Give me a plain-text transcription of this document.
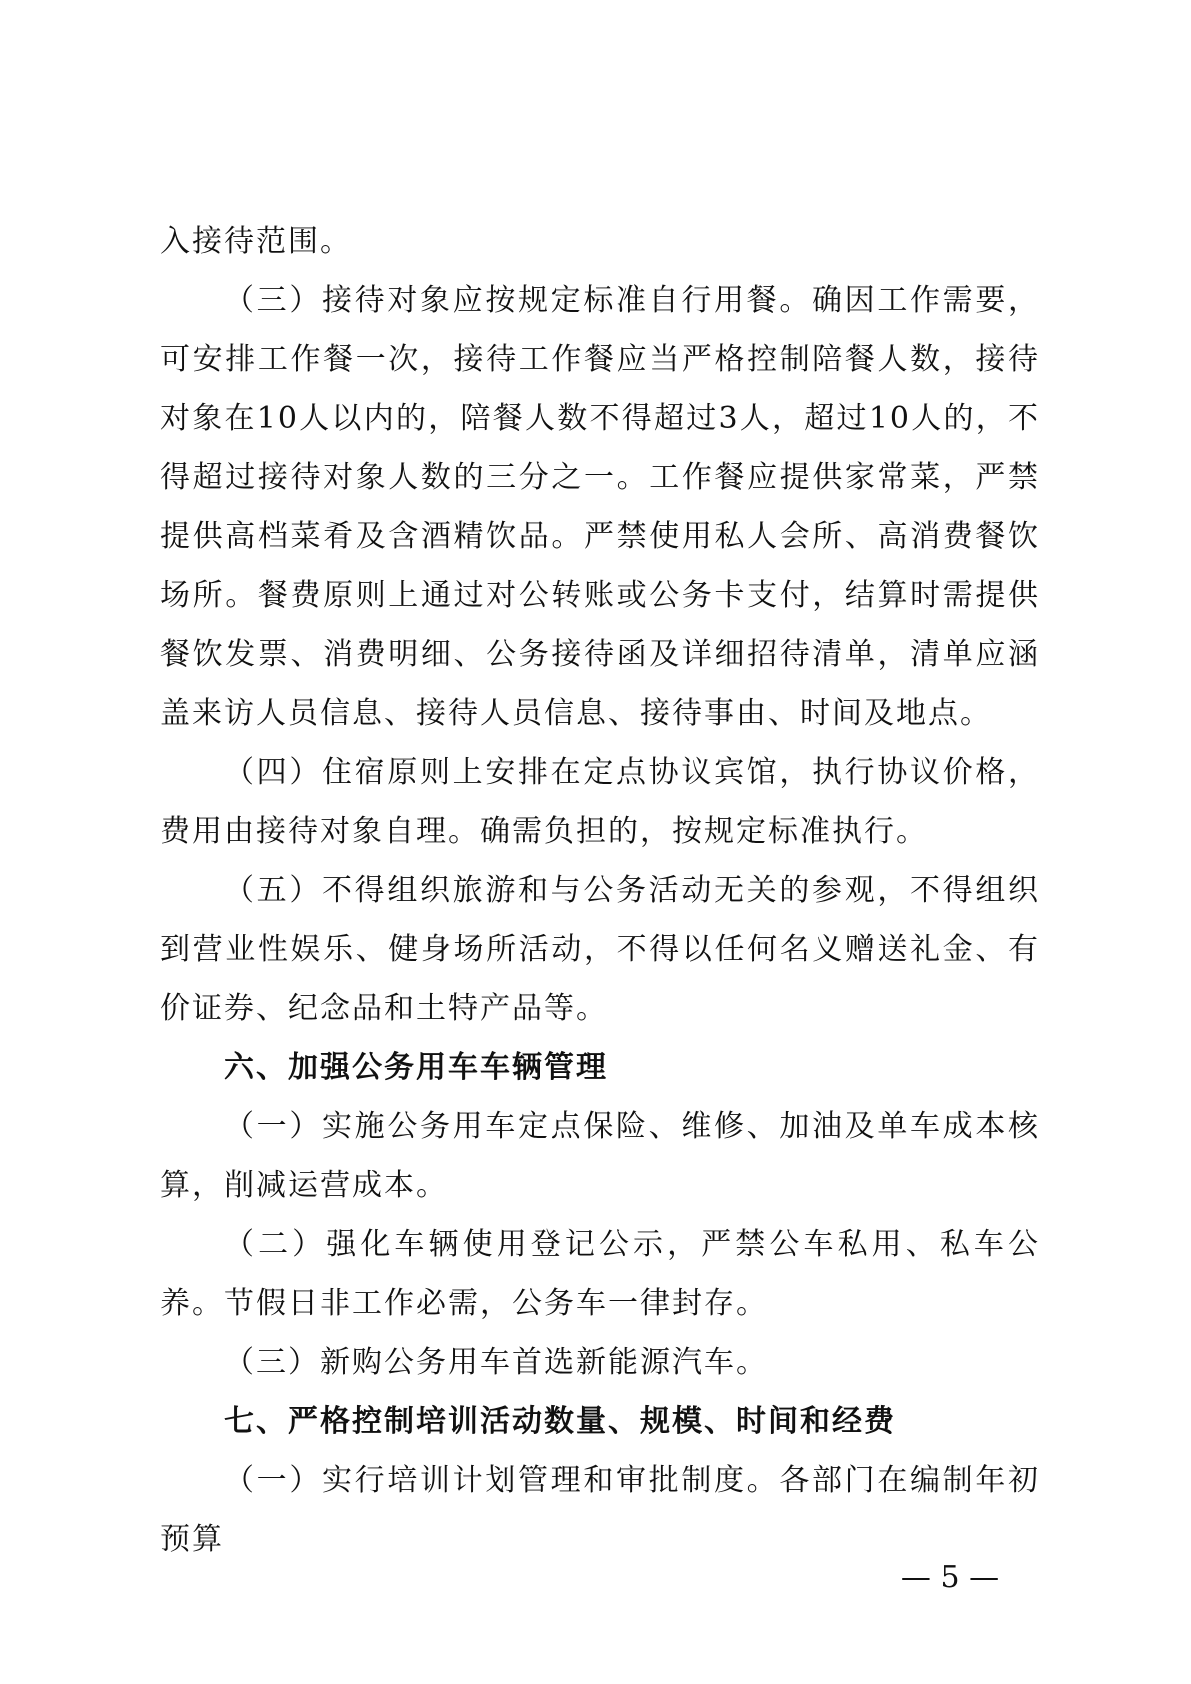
入接待范围。

（三）接待对象应按规定标准自行用餐。确因工作需要，可安排工作餐一次，接待工作餐应当严格控制陪餐人数，接待对象在10人以内的，陪餐人数不得超过3人，超过10人的，不得超过接待对象人数的三分之一。工作餐应提供家常菜，严禁提供高档菜肴及含酒精饮品。严禁使用私人会所、高消费餐饮场所。餐费原则上通过对公转账或公务卡支付，结算时需提供餐饮发票、消费明细、公务接待函及详细招待清单，清单应涵盖来访人员信息、接待人员信息、接待事由、时间及地点。

（四）住宿原则上安排在定点协议宾馆，执行协议价格，费用由接待对象自理。确需负担的，按规定标准执行。

（五）不得组织旅游和与公务活动无关的参观，不得组织到营业性娱乐、健身场所活动，不得以任何名义赠送礼金、有价证券、纪念品和土特产品等。

六、加强公务用车车辆管理

（一）实施公务用车定点保险、维修、加油及单车成本核算，削减运营成本。

（二）强化车辆使用登记公示，严禁公车私用、私车公养。节假日非工作必需，公务车一律封存。

（三）新购公务用车首选新能源汽车。

七、严格控制培训活动数量、规模、时间和经费

（一）实行培训计划管理和审批制度。各部门在编制年初预算

— 5 —
